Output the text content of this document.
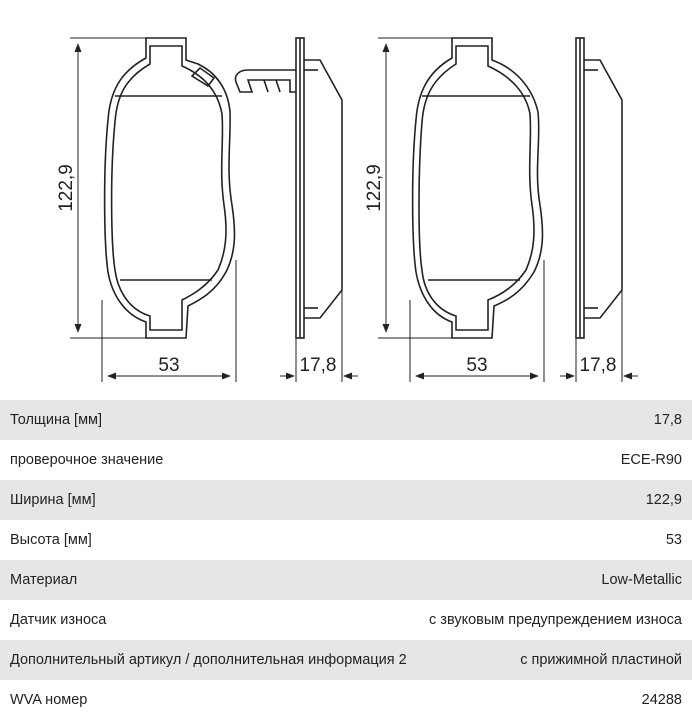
122,9
53	17,8
122,9
53	17,8
Толщина [мм]	17,8
проверочное значение	ECE-R90
Ширина [мм]	122,9
Высота [мм]	53
Материал	Low-Metallic
Датчик износа	с звуковым предупреждением износа
Дополнительный артикул / дополнительная информация 2	с прижимной пластиной
WVA номер	24288
